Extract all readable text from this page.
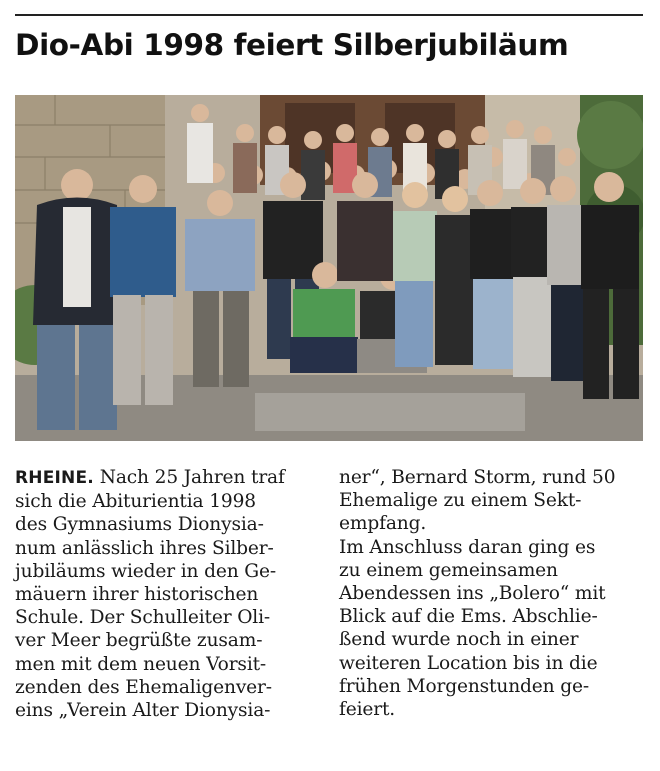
Dio-Abi 1998 feiert Silberjubiläum
RHEINE. Nach 25 Jahren traf
sich die Abiturientia 1998
des Gymnasiums Dionysia-
num anlässlich ihres Silber-
jubiläums wieder in den Ge-
mäuern ihrer historischen
Schule. Der Schulleiter Oli-
ver Meer begrüßte zusam-
men mit dem neuen Vorsit-
zenden des Ehemaligenver-
eins „Verein Alter Dionysia-
ner“, Bernard Storm, rund 50
Ehemalige zu einem Sekt-
empfang.
Im Anschluss daran ging es
zu einem gemeinsamen
Abendessen ins „Bolero“ mit
Blick auf die Ems. Abschlie-
ßend wurde noch in einer
weiteren Location bis in die
frühen Morgenstunden ge-
feiert.
